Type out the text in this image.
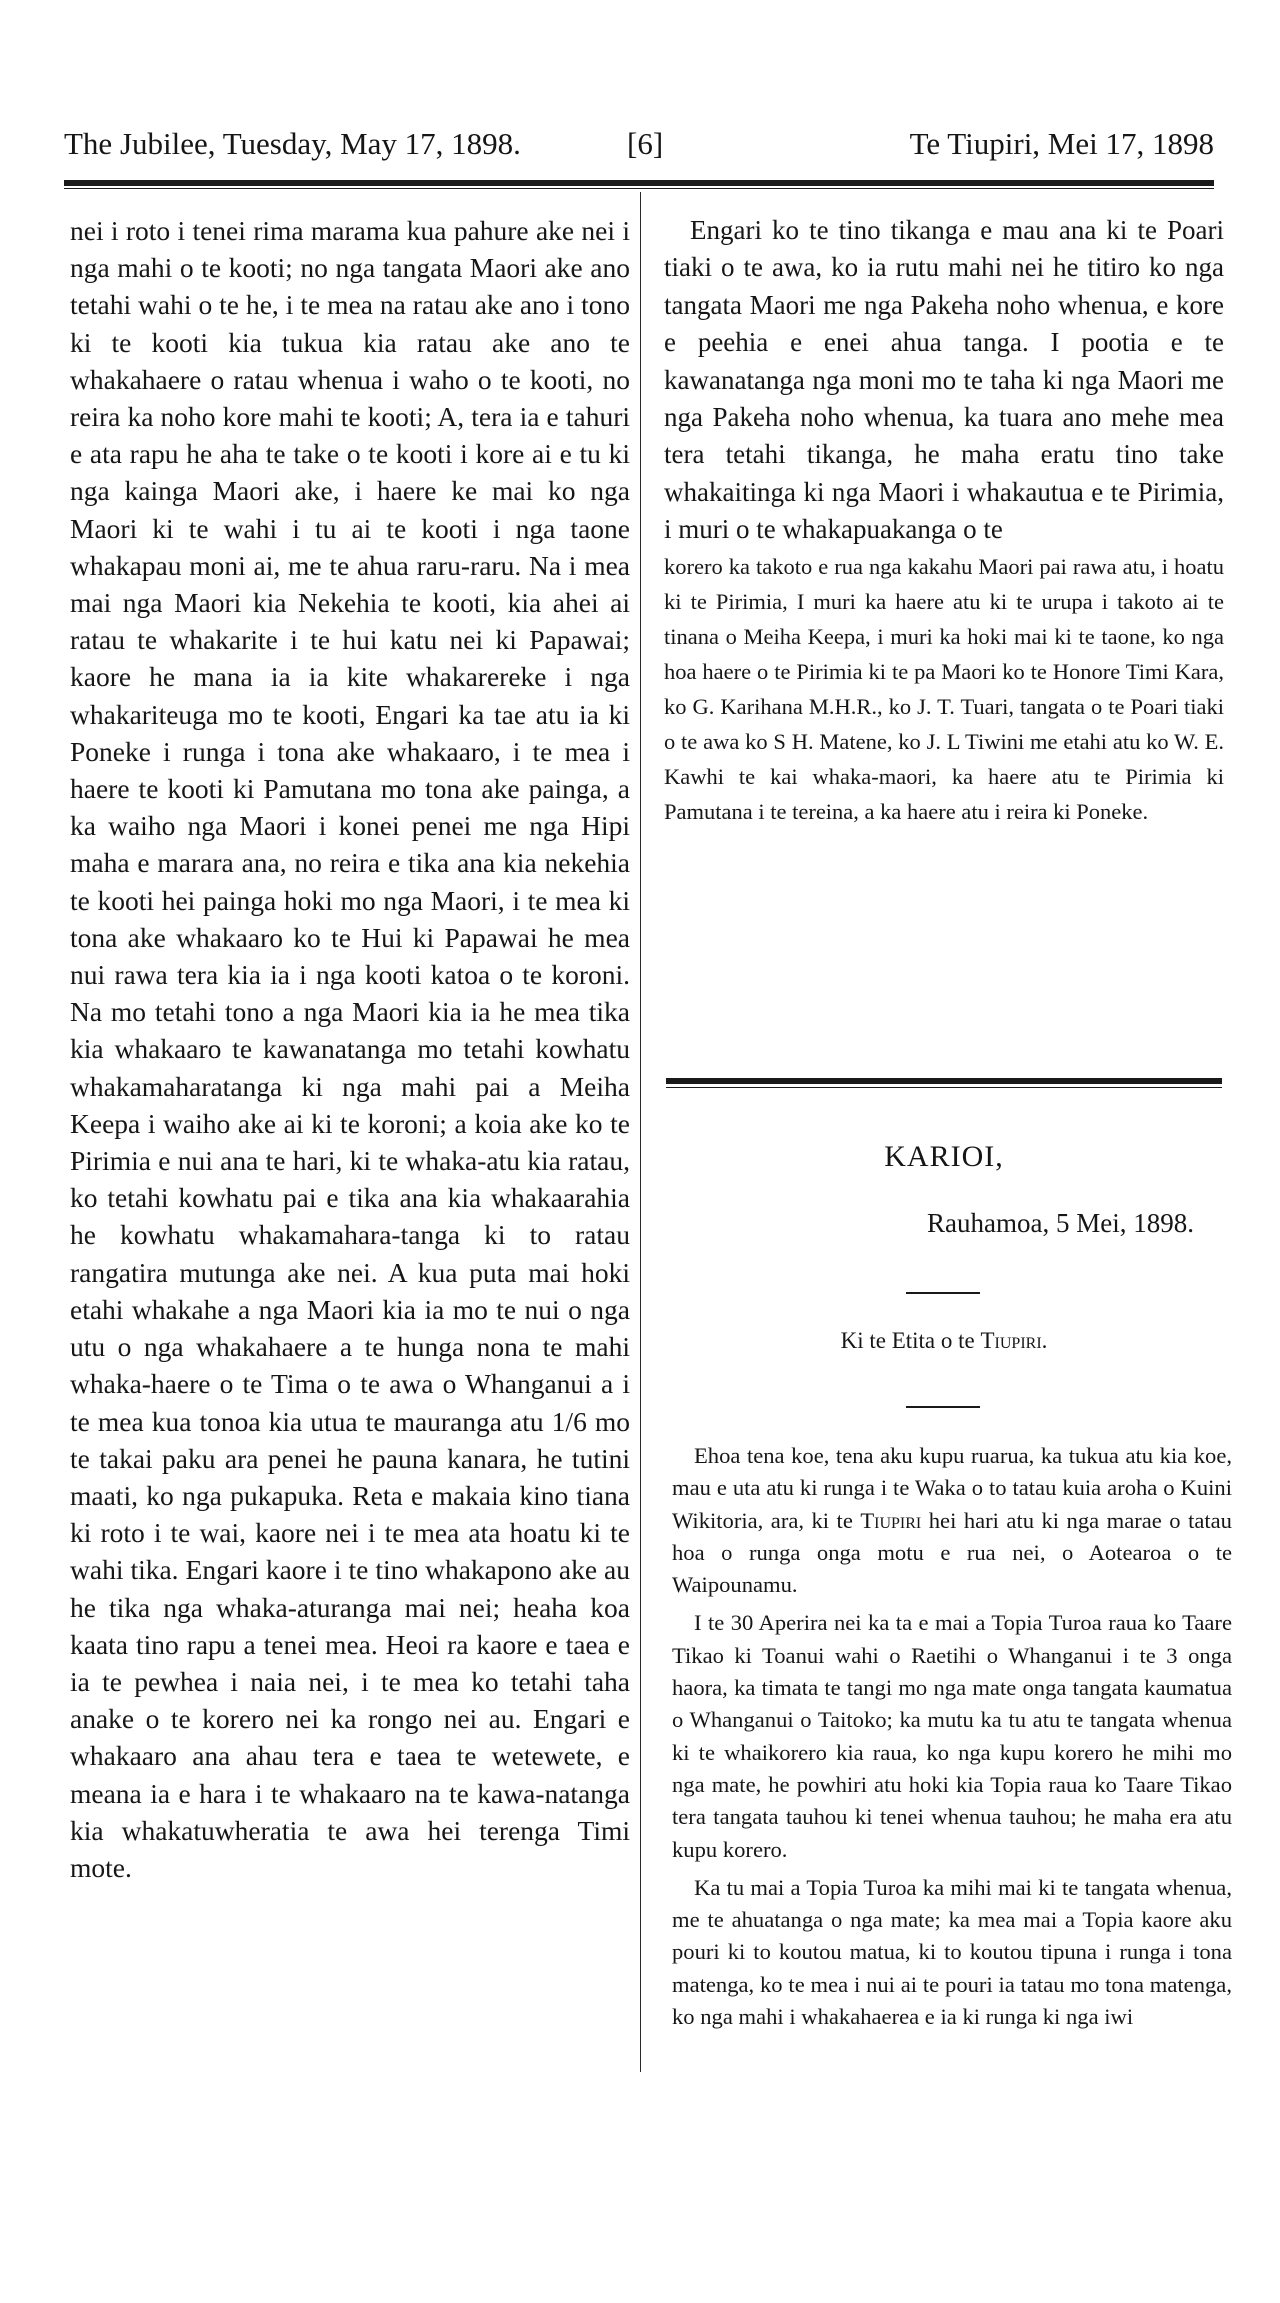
The Jubilee, Tuesday, May 17, 1898.	[6]	Te Tiupiri, Mei 17, 1898

nei i roto i tenei rima marama kua pahure ake nei i nga mahi o te kooti; no nga tangata Maori ake ano tetahi wahi o te he, i te mea na ratau ake ano i tono ki te kooti kia tukua kia ratau ake ano te whakahaere o ratau whenua i waho o te kooti, no reira ka noho kore mahi te kooti; A, tera ia e tahuri e ata rapu he aha te take o te kooti i kore ai e tu ki nga kainga Maori ake, i haere ke mai ko nga Maori ki te wahi i tu ai te kooti i nga taone whakapau moni ai, me te ahua raru-raru. Na i mea mai nga Maori kia Nekehia te kooti, kia ahei ai ratau te whakarite i te hui katu nei ki Papawai; kaore he mana ia ia kite whakarereke i nga whakariteuga mo te kooti, Engari ka tae atu ia ki Poneke i runga i tona ake whakaaro, i te mea i haere te kooti ki Pamutana mo tona ake painga, a ka waiho nga Maori i konei penei me nga Hipi maha e marara ana, no reira e tika ana kia nekehia te kooti hei painga hoki mo nga Maori, i te mea ki tona ake whakaaro ko te Hui ki Papawai he mea nui rawa tera kia ia i nga kooti katoa o te koroni. Na mo tetahi tono a nga Maori kia ia he mea tika kia whakaaro te kawanatanga mo tetahi kowhatu whakamaharatanga ki nga mahi pai a Meiha Keepa i waiho ake ai ki te koroni; a koia ake ko te Pirimia e nui ana te hari, ki te whaka-atu kia ratau, ko tetahi kowhatu pai e tika ana kia whakaarahia he kowhatu whakamahara-tanga ki to ratau rangatira mutunga ake nei. A kua puta mai hoki etahi whakahe a nga Maori kia ia mo te nui o nga utu o nga whakahaere a te hunga nona te mahi whaka-haere o te Tima o te awa o Whanganui a i te mea kua tonoa kia utua te mauranga atu 1/6 mo te takai paku ara penei he pauna kanara, he tutini maati, ko nga pukapuka. Reta e makaia kino tiana ki roto i te wai, kaore nei i te mea ata hoatu ki te wahi tika. Engari kaore i te tino whakapono ake au he tika nga whaka-aturanga mai nei; heaha koa kaata tino rapu a tenei mea. Heoi ra kaore e taea e ia te pewhea i naia nei, i te mea ko tetahi taha anake o te korero nei ka rongo nei au. Engari e whakaaro ana ahau tera e taea te wetewete, e meana ia e hara i te whakaaro na te kawa-natanga kia whakatuwheratia te awa hei terenga Timi mote.

Engari ko te tino tikanga e mau ana ki te Poari tiaki o te awa, ko ia rutu mahi nei he titiro ko nga tangata Maori me nga Pakeha noho whenua, e kore e peehia e enei ahua tanga. I pootia e te kawanatanga nga moni mo te taha ki nga Maori me nga Pakeha noho whenua, ka tuara ano mehe mea tera tetahi tikanga, he maha eratu tino take whakaitinga ki nga Maori i whakautua e te Pirimia, i muri o te whakapuakanga o te

korero ka takoto e rua nga kakahu Maori pai rawa atu, i hoatu ki te Pirimia, I muri ka haere atu ki te urupa i takoto ai te tinana o Meiha Keepa, i muri ka hoki mai ki te taone, ko nga hoa haere o te Pirimia ki te pa Maori ko te Honore Timi Kara, ko G. Karihana M.H.R., ko J. T. Tuari, tangata o te Poari tiaki o te awa ko S H. Matene, ko J. L Tiwini me etahi atu ko W. E. Kawhi te kai whaka-maori, ka haere atu te Pirimia ki Pamutana i te tereina, a ka haere atu i reira ki Poneke.

KARIOI,
Rauhamoa, 5 Mei, 1898.
Ki te Etita o te Tiupiri.

Ehoa tena koe, tena aku kupu ruarua, ka tukua atu kia koe, mau e uta atu ki runga i te Waka o to tatau kuia aroha o Kuini Wikitoria, ara, ki te Tiupiri hei hari atu ki nga marae o tatau hoa o runga onga motu e rua nei, o Aotearoa o te Waipounamu.

I te 30 Aperira nei ka ta e mai a Topia Turoa raua ko Taare Tikao ki Toanui wahi o Raetihi o Whanganui i te 3 onga haora, ka timata te tangi mo nga mate onga tangata kaumatua o Whanganui o Taitoko; ka mutu ka tu atu te tangata whenua ki te whaikorero kia raua, ko nga kupu korero he mihi mo nga mate, he powhiri atu hoki kia Topia raua ko Taare Tikao tera tangata tauhou ki tenei whenua tauhou; he maha era atu kupu korero.

Ka tu mai a Topia Turoa ka mihi mai ki te tangata whenua, me te ahuatanga o nga mate; ka mea mai a Topia kaore aku pouri ki to koutou matua, ki to koutou tipuna i runga i tona matenga, ko te mea i nui ai te pouri ia tatau mo tona matenga, ko nga mahi i whakahaerea e ia ki runga ki nga iwi
